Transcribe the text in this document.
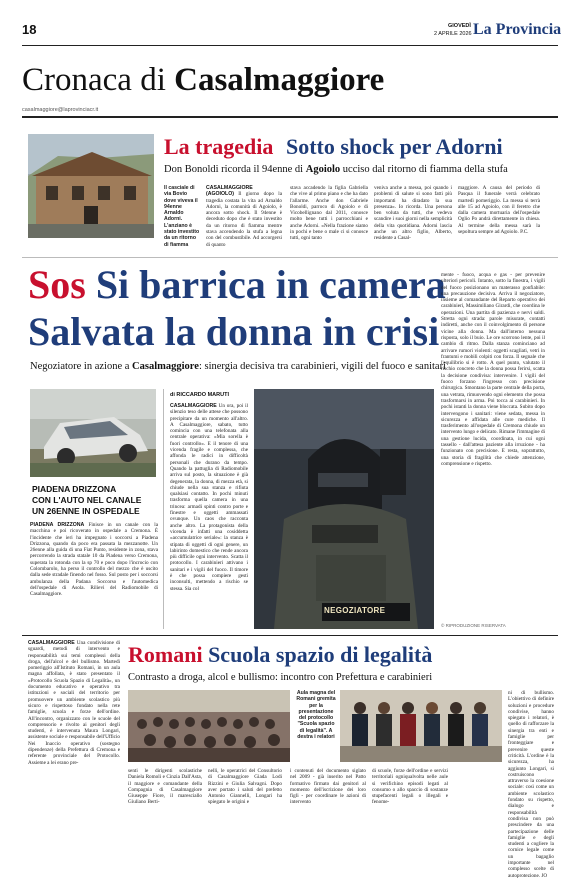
18	GIOVEDÌ
2 APRILE 2026 La Provincia
Cronaca di Casalmaggiore
casalmaggiore@laprovinciacr.it
La tragedia Sotto shock per Adorni
Don Bonoldi ricorda il 94enne di Agoiolo ucciso dal ritorno di fiamma della stufa
Il casciale di via Bovio dove viveva il 94enne Arnaldo Adorni. L'anziano è stato investito da un ritorno di fiamma
CASALMAGGIORE (AGOIOLO) Il giorno dopo la tragedia costata la vita ad Arnaldo Adorni, la comunità di Agoiolo, è ancora sotto shock. Il 94enne è deceduto dopo che è stato investito da un ritorno di fiamma mentre stava accendendo la stufa a legna con del combustibile. Ad accorgersi di quanto
stava accadendo la figlia Gabriella che vive al primo piano e che ha dato l'allarme. Anche don Gabriele Bonoldi, parroco di Agoiolo e di Vicobellignano dal 2011, conosce molto bene tutti i parrocchiani e anche Adorni. «Nella frazione siamo in pochi e bene o male ci si conosce tutti, ogni tanto
veniva anche a messa, poi quando i problemi di salute si sono fatti più importanti ha diradato la sua presenza». Io ricorda. Una persona ben voluta da tutti, che vedeva scandire i suoi giorni nella semplicità della vita quotidiana. Adorni lascia anche un altro figlio, Alberto, residente a Casal-
maggiore. A causa del periodo di Pasqua il funerale verrà celebrato martedì pomeriggio. La messa si terrà alle 15 ad Agoiolo, con il feretro che dalla camera mortuaria dell'ospedale Oglio Po andrà direttamente in chiesa. Al termine della messa sarà la sepoltura sempre ad Agoiolo. P.C.
Sos Si barrica in camera
Salvata la donna in crisi
Negoziatore in azione a Casalmaggiore: sinergia decisiva tra carabinieri, vigili del fuoco e sanitari
PIADENA DRIZZONA
CON L'AUTO NEL CANALE
UN 26ENNE IN OSPEDALE
PIADENA DRIZZONA Finisce in un canale con la macchina e poi ricoverato in ospedale a Cremona. È l'incidente che ieri ha impegnato i soccorsi a Piadena Drizzona, quando da poco era passata la mezzanotte. Un 26enne alla guida di una Fiat Punto, residente in zona, stava percorrendo la strada statale 10 da Piadena verso Cremona, superata la rotonda con la sp 70 e poco dopo l'incrocio con Colombarolo, ha perso il controllo del mezzo che è uscito dalla sede stradale finendo nel fosso. Sul posto per i soccorsi ambulanza della Padana Soccorso e l'automedica dell'ospedale di Asola. Rilievi del Radiomobile di Casalmaggiore.
di RICCARDO MARUTI
CASALMAGGIORE Un ora, poi il silenzio teso delle attese che possono precipitare da un momento all'altro. A Casalmaggiore, sabato, tutto comincia con una telefonata alla centrale operativa: «Mia sorella è fuori controllo». E il tenore di una vicenda fragile e complessa, che affonda le radici in difficoltà personali che durano da tempo. Quando la pattuglia di Radiomobile arriva sul posto, la situazione è già degenerata, la donna, di mezza età, si chiude nella sua stanza e rifiuta qualsiasi contatto. In pochi minuti trasforma quella camera in una trincea: armadi spinti contro porte e finestre e oggetti ammassati ovunque. Un caos che racconta anche altro. La protagonista della vicenda è infatti una cosiddetta «accumulatrice seriale»: la stanza è stipata di oggetti di ogni genere, un labirinto domestico che rende ancora più difficile ogni intervento. Scatta il protocollo. I carabinieri attivano i sanitari e i vigili del fuoco. Il timore è che possa compiere gesti inconsulti, mettendo a rischio se stessa. Sia col
NEGOZIATORE
mente - fuoco, acqua e gas - per prevenire ulteriori pericoli. Intanto, sotto la finestra, i vigili del fuoco posizionano un materasso gonfiabile: una precauzione decisiva. Arriva il negoziatore, insieme al comandante del Reparto operativo dei carabinieri, Massimiliano Girardi, che coordina le operazioni. Una partita di pazienza e nervi saldi. Stretta ogni strada: parole misurate, contatti indiretti, anche con il coinvolgimento di persone vicine alla donna. Ma dall'interno nessuna risposta, solo il buio. Le ore scorrono lente, poi il cambio di ritmo. Dalla stanza cominciano ad arrivare rumori violenti: oggetti scagliati, vetri in frantumi e mobili colpiti con forza. Il segnale che l'equilibrio si è rotto. A quel punto, valutato il rischio concreto che la donna possa ferirsi, scatta la decisione condivisa: intervenire. I vigili del fuoco forzano l'ingresso con precisione chirurgica. Smontano la parte centrale della porta, una vetrata, rimuovendo ogni elemento che possa trasformarsi in arma. Poi tocca ai carabinieri. In pochi istanti la donna viene bloccata. Subito dopo intervengono i sanitari: viene sedata, messa in sicurezza e affidata alle cure mediche. Il trasferimento all'ospedale di Cremona chiude un intervento lungo e delicato. Rimane l'immagine di una gestione lucida, coordinata, in cui ogni tassello - dall'attesa paziente alla irruzione - ha funzionato con precisione. E resta, soprattutto, una storia di fragilità che chiede attenzione, comprensione e rispetto.
© RIPRODUZIONE RISERVATA
CASALMAGGIORE Una condivisione di sguardi, metodi di intervento e responsabilità sui temi complessi della droga, dell'alcol e del bullismo. Martedì pomeriggio all'Istituto Romani, in un aula magna affollata, è stato presentato il «Protocollo Scuola Spazio di Legalità», un documento educativo e operativo tra istituzioni e sociali del territorio per promuovere un ambiente scolastico più sicuro e rispettoso fondato nella rete famiglie, scuola e forze dell'ordine. All'incontro, organizzato con le scuole del comprensorio e rivolto ai genitori degli studenti, è intervenuta Maura Longari, assistente sociale e responsabile dell'Ufficio Nei Inaccio operativo (sostegno dipendenze) della Prefettura di Cremona e referente provinciale del Protocollo. Assieme a lei erano pre-
Romani Scuola spazio di legalità
Contrasto a droga, alcol e bullismo: incontro con Prefettura e carabinieri
Aula magna del Romani gremita per la presentazione del protocollo "Scuola spazio di legalità". A destra i relatori
senti le dirigenti scolastiche Daniela Romoli e Cinzia Dall'Asta, il maggiore e comandante della Compagnia di Casalmaggiore Giuseppe Fiore, il maresciallo Giuliano Berti-
nelli, le operatrici del Consultorio di Casalmaggiore Giada Lodi Rizzini e Giulia Salvagni. Dopo aver portato i saluti del prefetto Antonio Giannelli, Longari ha spiegato le origini e
i contenuti del documento siglato nel 2009 - già inserito nel Patto formativo firmato dai genitori al momento dell'iscrizione dei loro figli - per coordinare le azioni di intervento
di scuole, forze dell'ordine e servizi territoriali ogniqualvolta nelle aule si verifichino episodi legati al consumo o allo spaccio di sostanze stupefacenti legali o illegali e fenome-
ni di bullismo. L'obiettivo di definire soluzioni e procedure condivise, hanno spiegato i relatori, è quello di rafforzare la sinergia tra enti e famiglie per fronteggiare e prevenire queste criticità. L'ordine è la sicurezza, ha aggiunto Longari, si costruiscono attraverso la coesione sociale: così come un ambiente scolastico fondato su rispetto, dialogo e responsabilità condivisa non può prescindere da una partecipazione delle famiglie e degli studenti a cogliere la cornice legale come un bagaglio importante nel complesso scelte di autoprotezione. JO
